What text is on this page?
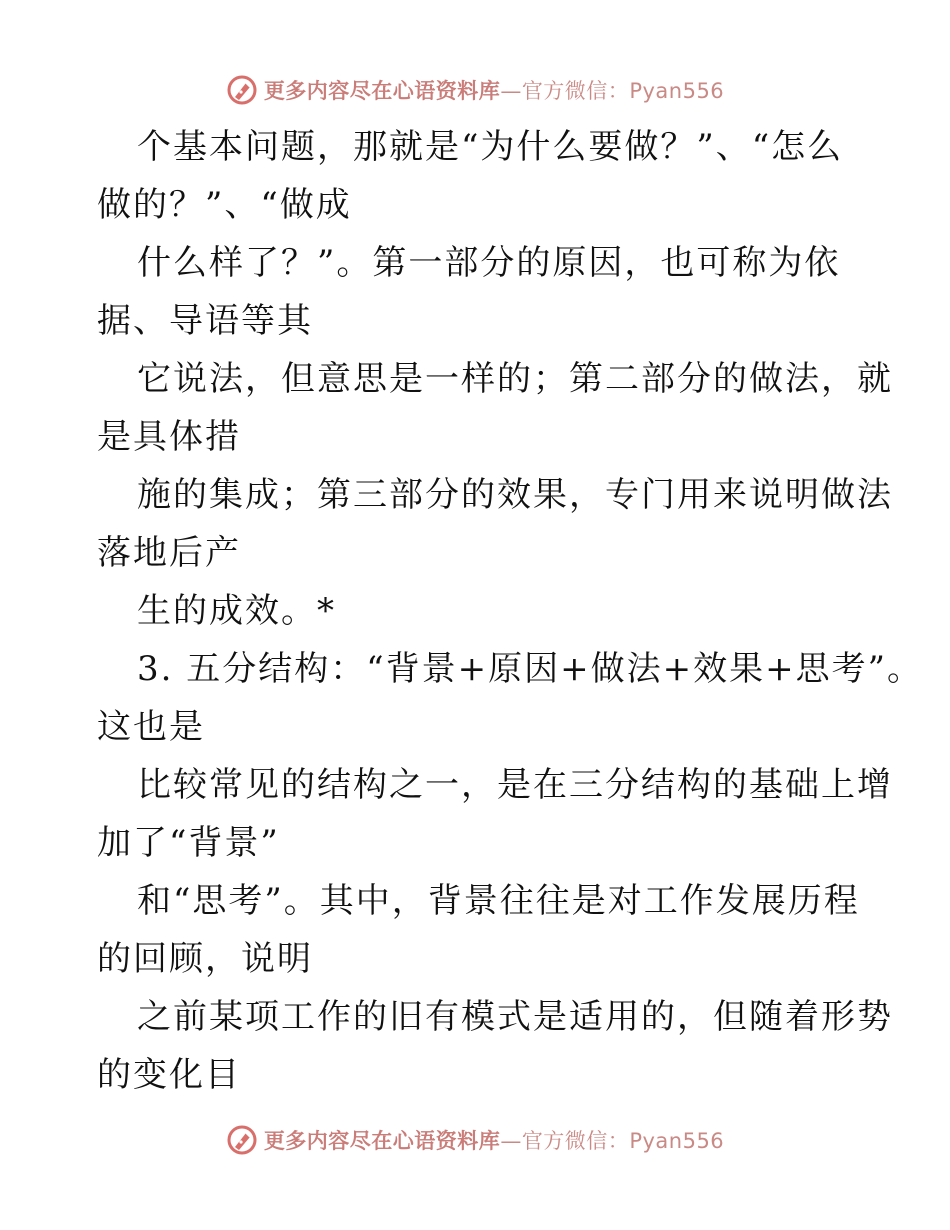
更多内容尽在心语资料库—官方微信：Pyan556
个基本问题，那就是“为什么要做？”、“怎么
做的？”、“做成
什么样了？”。第一部分的原因，也可称为依
据、导语等其
它说法，但意思是一样的；第二部分的做法，就
是具体措
施的集成；第三部分的效果，专门用来说明做法
落地后产
生的成效。*
3. 五分结构：“背景+原因+做法+效果+思考”。
这也是
比较常见的结构之一，是在三分结构的基础上增
加了“背景”
和“思考”。其中，背景往往是对工作发展历程
的回顾，说明
之前某项工作的旧有模式是适用的，但随着形势
的变化目
更多内容尽在心语资料库—官方微信：Pyan556
